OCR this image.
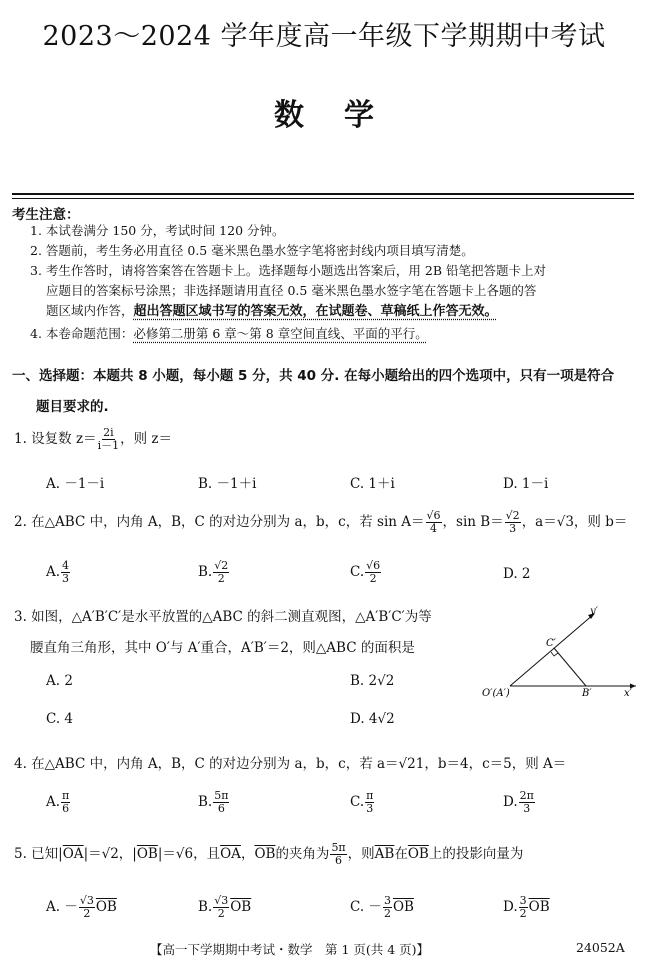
2023～2024 学年度高一年级下学期期中考试
数学
考生注意：
1. 本试卷满分 150 分，考试时间 120 分钟。
2. 答题前，考生务必用直径 0.5 毫米黑色墨水签字笔将密封线内项目填写清楚。
3. 考生作答时，请将答案答在答题卡上。选择题每小题选出答案后，用 2B 铅笔把答题卡上对
应题目的答案标号涂黑；非选择题请用直径 0.5 毫米黑色墨水签字笔在答题卡上各题的答
题区域内作答，超出答题区域书写的答案无效，在试题卷、草稿纸上作答无效。
4. 本卷命题范围：必修第二册第 6 章～第 8 章空间直线、平面的平行。
一、选择题：本题共 8 小题，每小题 5 分，共 40 分. 在每小题给出的四个选项中，只有一项是符合
题目要求的.
1. 设复数 $z= \frac{2i}{i-1}$ ，则 z＝
A. －1－i	B. －1＋i	C. 1＋i	D. 1－i
2. 在△ABC 中，内角 A，B，C 的对边分别为 a，b，c，若 $\sin A= \frac{√6}{4}$ ，$\sin B= \frac{√2}{3}$ ，a＝√3，则 b＝
A. $\frac{4}{3}$	B. $\frac{√2}{2}$	C. $\frac{√6}{2}$	D. 2
3. 如图，△A′B′C′是水平放置的△ABC 的斜二测直观图，△A′B′C′为等
腰直角三角形，其中 O′与 A′重合，A′B′＝2，则△ABC 的面积是
A. 2	B. 2√2
C. 4	D. 4√2
y′
x′
C′
B′
O′(A′)
4. 在△ABC 中，内角 A，B，C 的对边分别为 a，b，c，若 a＝√21，b＝4，c＝5，则 A＝
A. $\frac{\pi}{6}$	B. $\frac{5\pi}{6}$	C. $\frac{\pi}{3}$	D. $\frac{2\pi}{3}$
5. 已知$|\overline{OA}|=√2$，$|\overline{OB}|=√6$，且$\overline{OA}$，$\overline{OB}$的夹角为 $\frac{5\pi}{6}$ ，则$\overline{AB}$在$\overline{OB}$上的投影向量为
A. － $\frac{√3}{2} \overline{OB}$	B. $\frac{√3}{2} \overline{OB}$	C. － $\frac{3}{2} \overline{OB}$	D. $\frac{3}{2} \overline{OB}$
【高一下学期期中考试・数学　第 1 页(共 4 页)】	24052A
